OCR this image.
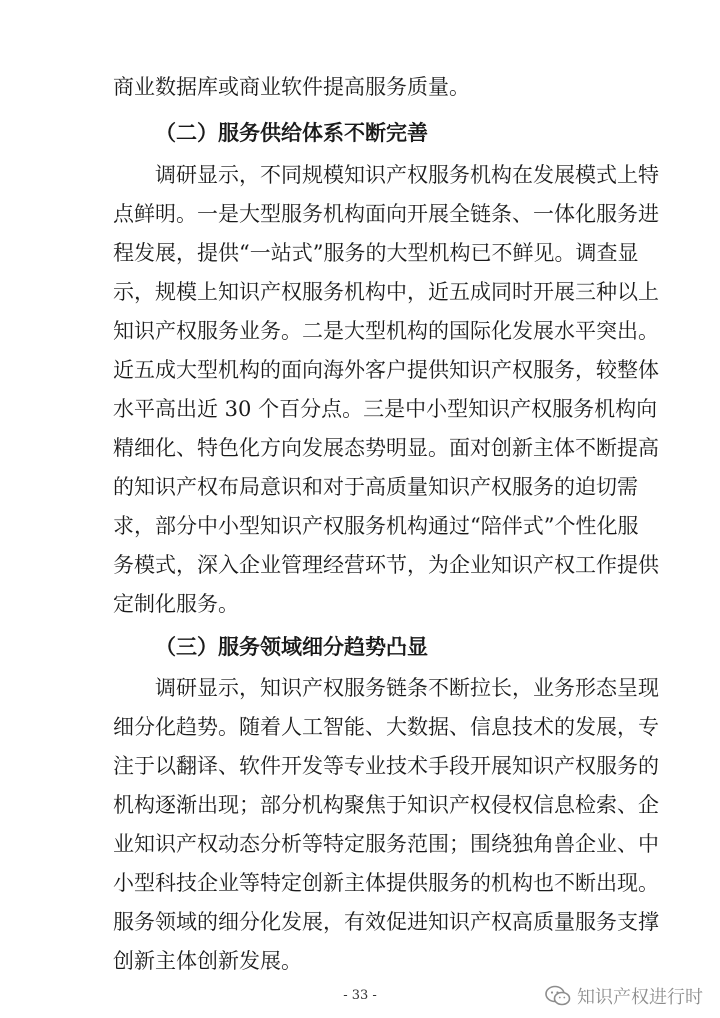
商业数据库或商业软件提高服务质量。
（二）服务供给体系不断完善
调研显示，不同规模知识产权服务机构在发展模式上特
点鲜明。一是大型服务机构面向开展全链条、一体化服务进
程发展，提供“一站式”服务的大型机构已不鲜见。调查显
示，规模上知识产权服务机构中，近五成同时开展三种以上
知识产权服务业务。二是大型机构的国际化发展水平突出。
近五成大型机构的面向海外客户提供知识产权服务，较整体
水平高出近 30 个百分点。三是中小型知识产权服务机构向
精细化、特色化方向发展态势明显。面对创新主体不断提高
的知识产权布局意识和对于高质量知识产权服务的迫切需
求，部分中小型知识产权服务机构通过“陪伴式”个性化服
务模式，深入企业管理经营环节，为企业知识产权工作提供
定制化服务。
（三）服务领域细分趋势凸显
调研显示，知识产权服务链条不断拉长，业务形态呈现
细分化趋势。随着人工智能、大数据、信息技术的发展，专
注于以翻译、软件开发等专业技术手段开展知识产权服务的
机构逐渐出现；部分机构聚焦于知识产权侵权信息检索、企
业知识产权动态分析等特定服务范围；围绕独角兽企业、中
小型科技企业等特定创新主体提供服务的机构也不断出现。
服务领域的细分化发展，有效促进知识产权高质量服务支撑
创新主体创新发展。
- 33 -	知识产权进行时
